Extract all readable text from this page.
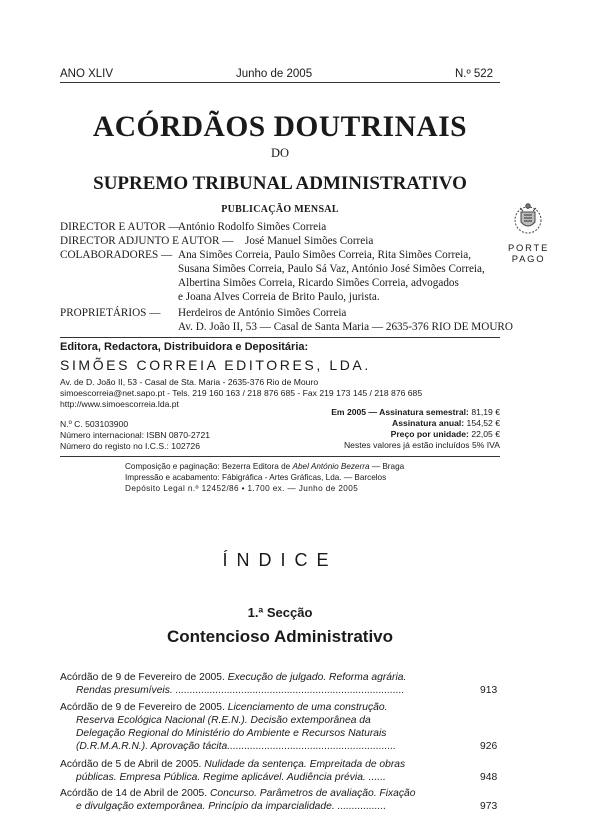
ANO XLIV	Junho de 2005	N.º 522
ACÓRDÃOS DOUTRINAIS
DO
SUPREMO TRIBUNAL ADMINISTRATIVO
PUBLICAÇÃO MENSAL
DIRECTOR E AUTOR —
António Rodolfo Simões Correia
DIRECTOR ADJUNTO E AUTOR — José Manuel Simões Correia
COLABORADORES — Ana Simões Correia, Paulo Simões Correia, Rita Simões Correia,
Susana Simões Correia, Paulo Sá Vaz, António José Simões Correia,
Albertina Simões Correia, Ricardo Simões Correia, advogados
e Joana Alves Correia de Brito Paulo, jurista.
PROPRIETÁRIOS — Herdeiros de António Simões Correia
Av. D. João II, 53 — Casal de Santa Maria — 2635-376 RIO DE MOURO
PORTE
PAGO
Editora, Redactora, Distribuidora e Depositária:
SIMÕES CORREIA EDITORES, LDA.
Av. de D. João II, 53 - Casal de Sta. Maria - 2635-376 Rio de Mouro
simoescorreia@net.sapo.pt - Tels. 219 160 163 / 218 876 685 - Fax 219 173 145 / 218 876 685
http://www.simoescorreia.lda.pt
N.º C. 503103900
Número internacional: ISBN 0870-2721
Número do registo no I.C.S.: 102726
Em 2005 — Assinatura semestral: 81,19 €
Assinatura anual: 154,52 €
Preço por unidade: 22,05 €
Nestes valores já estão incluídos 5% IVA
Composição e paginação: Bezerra Editora de Abel António Bezerra — Braga
Impressão e acabamento: Fábigráfica - Artes Gráficas, Lda. — Barcelos
Depósito Legal n.º 12452/86 • 1.700 ex. — Junho de 2005
ÍNDICE
1.ª Secção
Contencioso Administrativo
Acórdão de 9 de Fevereiro de 2005. Execução de julgado. Reforma agrária.
Rendas presumíveis. ................................................................................	913
Acórdão de 9 de Fevereiro de 2005. Licenciamento de uma construção.
Reserva Ecológica Nacional (R.E.N.). Decisão extemporânea da
Delegação Regional do Ministério do Ambiente e Recursos Naturais
(D.R.M.A.R.N.). Aprovação tácita...........................................................	926
Acórdão de 5 de Abril de 2005. Nulidade da sentença. Empreitada de obras
públicas. Empresa Pública. Regime aplicável. Audiência prévia. ......	948
Acórdão de 14 de Abril de 2005. Concurso. Parâmetros de avaliação. Fixação
e divulgação extemporânea. Princípio da imparcialidade. .................	973
